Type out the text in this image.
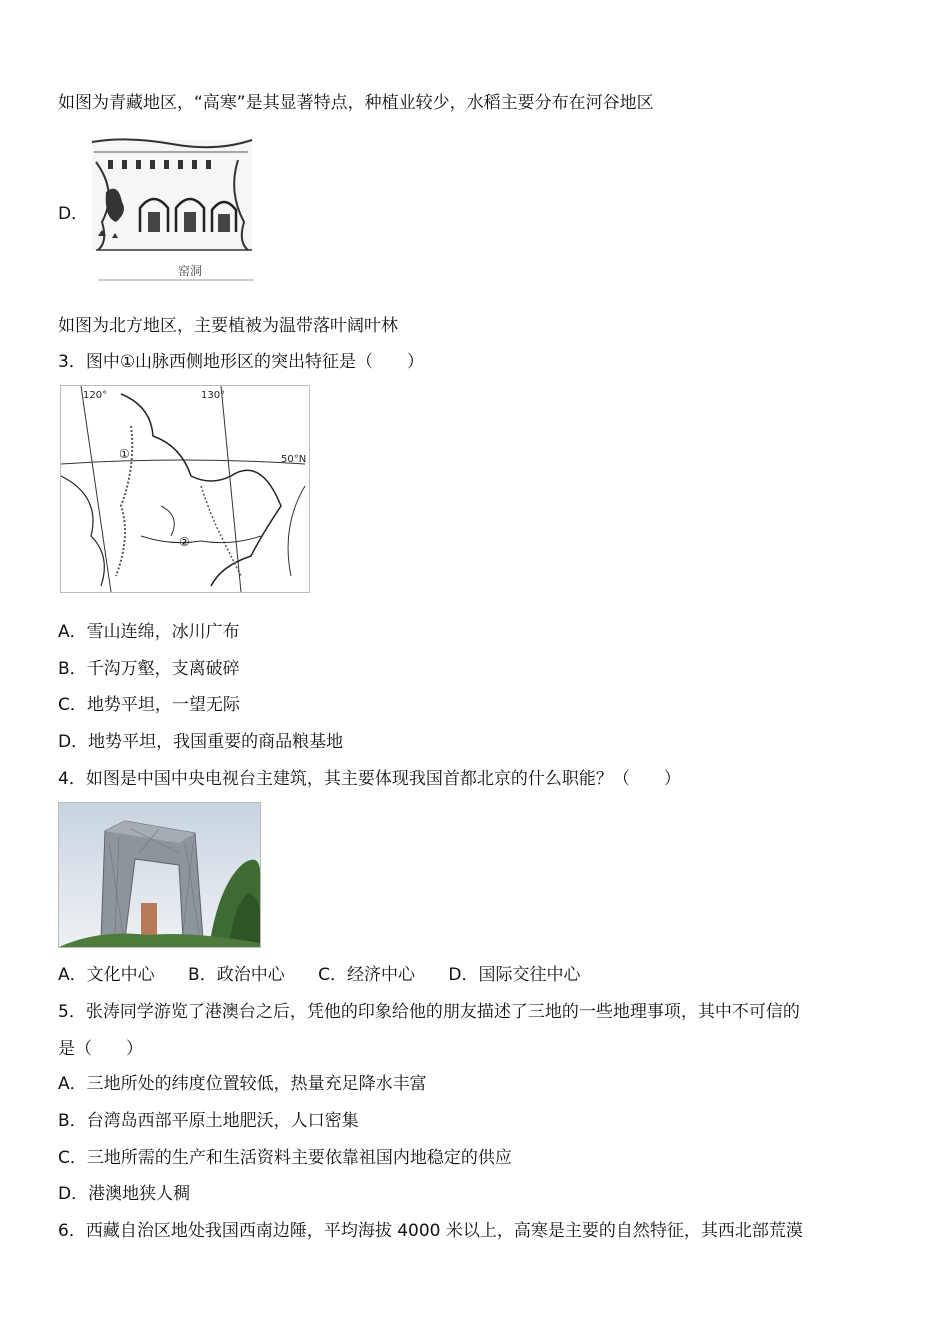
如图为青藏地区，“高寒”是其显著特点，种植业较少，水稻主要分布在河谷地区
D．
窑洞
如图为北方地区，主要植被为温带落叶阔叶林
3．图中①山脉西侧地形区的突出特征是（　　）
120°	130°
50°N
①
②
A．雪山连绵，冰川广布
B．千沟万壑，支离破碎
C．地势平坦，一望无际
D．地势平坦，我国重要的商品粮基地
4．如图是中国中央电视台主建筑，其主要体现我国首都北京的什么职能？（　　）
A．文化中心 B．政治中心 C．经济中心 D．国际交往中心
5．张涛同学游览了港澳台之后，凭他的印象给他的朋友描述了三地的一些地理事项，其中不可信的
是（　　）
A．三地所处的纬度位置较低，热量充足降水丰富
B．台湾岛西部平原土地肥沃，人口密集
C．三地所需的生产和生活资料主要依靠祖国内地稳定的供应
D．港澳地狭人稠
6．西藏自治区地处我国西南边陲，平均海拔 4000 米以上，高寒是主要的自然特征，其西北部荒漠
